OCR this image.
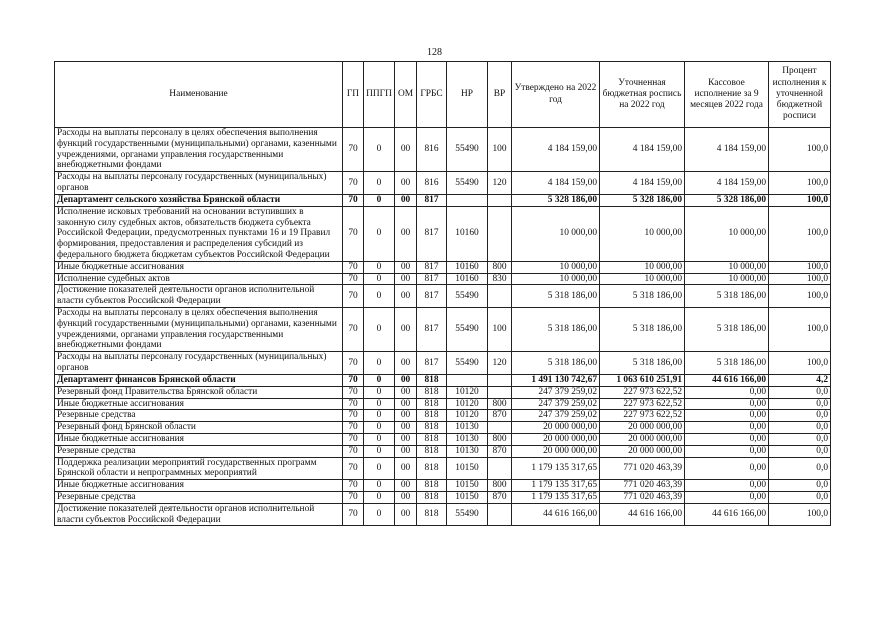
128
Наименование	ГП	ППГП	ОМ	ГРБС	НР	ВР	Утверждено на 2022 год	Уточненная бюджетная роспись на 2022 год	Кассовое исполнение за 9 месяцев 2022 года	Процент исполнения к уточненной бюджетной росписи
Расходы на выплаты персоналу в целях обеспечения выполнения функций государственными (муниципальными) органами, казенными учреждениями, органами управления государственными внебюджетными фондами	70	0	00	816	55490	100	4 184 159,00	4 184 159,00	4 184 159,00	100,0
Расходы на выплаты персоналу государственных (муниципальных) органов	70	0	00	816	55490	120	4 184 159,00	4 184 159,00	4 184 159,00	100,0
Департамент сельского хозяйства Брянской области	70	0	00	817			5 328 186,00	5 328 186,00	5 328 186,00	100,0
Исполнение исковых требований на основании вступивших в законную силу судебных актов, обязательств бюджета субъекта Российской Федерации, предусмотренных пунктами 16 и 19 Правил формирования, предоставления и распределения субсидий из федерального бюджета бюджетам субъектов Российской Федерации	70	0	00	817	10160		10 000,00	10 000,00	10 000,00	100,0
Иные бюджетные ассигнования	70	0	00	817	10160	800	10 000,00	10 000,00	10 000,00	100,0
Исполнение судебных актов	70	0	00	817	10160	830	10 000,00	10 000,00	10 000,00	100,0
Достижение показателей деятельности органов исполнительной власти субъектов Российской Федерации	70	0	00	817	55490		5 318 186,00	5 318 186,00	5 318 186,00	100,0
Расходы на выплаты персоналу в целях обеспечения выполнения функций государственными (муниципальными) органами, казенными учреждениями, органами управления государственными внебюджетными фондами	70	0	00	817	55490	100	5 318 186,00	5 318 186,00	5 318 186,00	100,0
Расходы на выплаты персоналу государственных (муниципальных) органов	70	0	00	817	55490	120	5 318 186,00	5 318 186,00	5 318 186,00	100,0
Департамент финансов Брянской области	70	0	00	818			1 491 130 742,67	1 063 610 251,91	44 616 166,00	4,2
Резервный фонд Правительства Брянской области	70	0	00	818	10120		247 379 259,02	227 973 622,52	0,00	0,0
Иные бюджетные ассигнования	70	0	00	818	10120	800	247 379 259,02	227 973 622,52	0,00	0,0
Резервные средства	70	0	00	818	10120	870	247 379 259,02	227 973 622,52	0,00	0,0
Резервный фонд Брянской области	70	0	00	818	10130		20 000 000,00	20 000 000,00	0,00	0,0
Иные бюджетные ассигнования	70	0	00	818	10130	800	20 000 000,00	20 000 000,00	0,00	0,0
Резервные средства	70	0	00	818	10130	870	20 000 000,00	20 000 000,00	0,00	0,0
Поддержка реализации мероприятий государственных программ Брянской области и непрограммных мероприятий	70	0	00	818	10150		1 179 135 317,65	771 020 463,39	0,00	0,0
Иные бюджетные ассигнования	70	0	00	818	10150	800	1 179 135 317,65	771 020 463,39	0,00	0,0
Резервные средства	70	0	00	818	10150	870	1 179 135 317,65	771 020 463,39	0,00	0,0
Достижение показателей деятельности органов исполнительной власти субъектов Российской Федерации	70	0	00	818	55490		44 616 166,00	44 616 166,00	44 616 166,00	100,0
